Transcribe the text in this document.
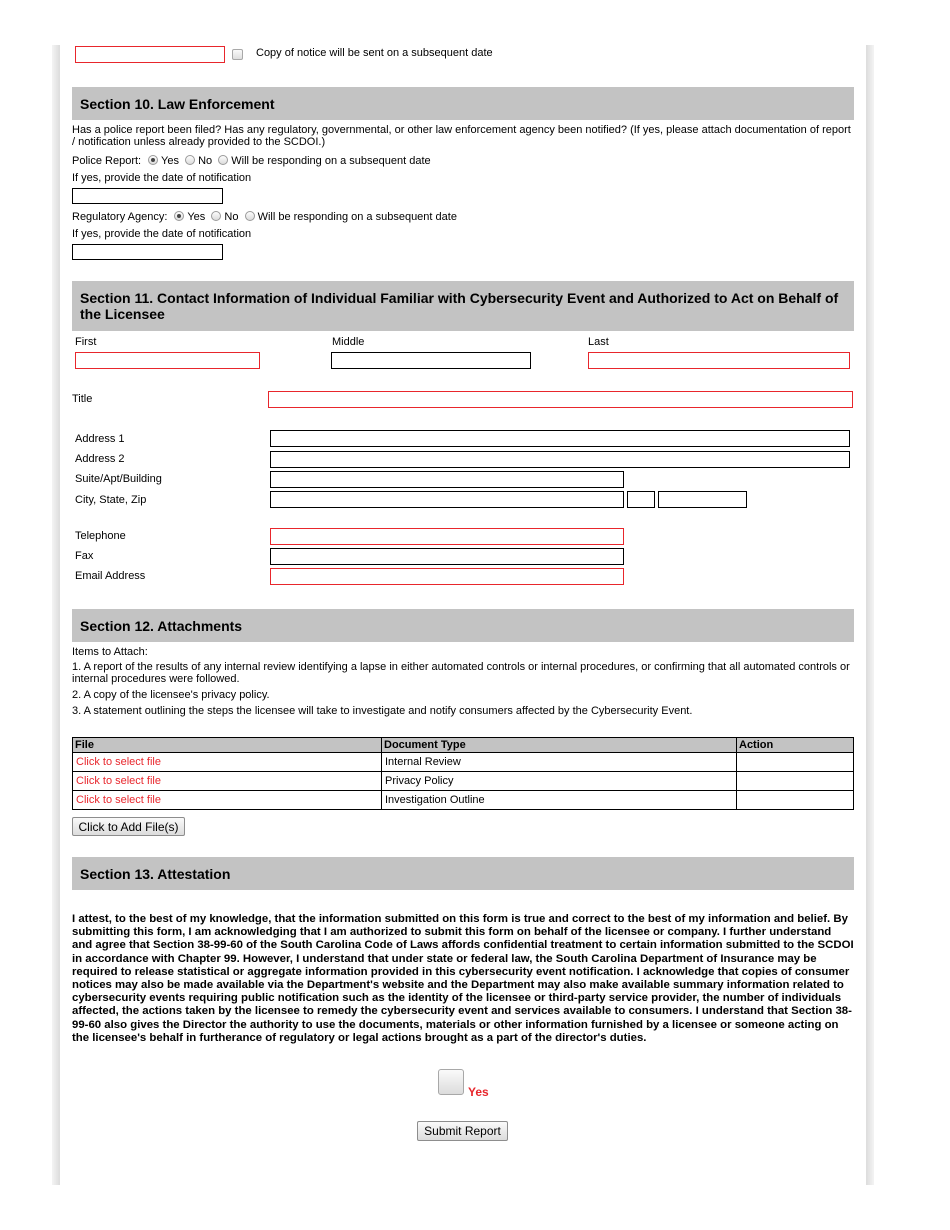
Copy of notice will be sent on a subsequent date
Section 10. Law Enforcement
Has a police report been filed? Has any regulatory, governmental, or other law enforcement agency been notified? (If yes, please attach documentation of report / notification unless already provided to the SCDOI.)
Police Report: Yes No Will be responding on a subsequent date
If yes, provide the date of notification
Regulatory Agency: Yes No Will be responding on a subsequent date
If yes, provide the date of notification
Section 11. Contact Information of Individual Familiar with Cybersecurity Event and Authorized to Act on Behalf of the Licensee
First	Middle	Last
Title
Address 1
Address 2
Suite/Apt/Building
City, State, Zip
Telephone
Fax
Email Address
Section 12. Attachments
Items to Attach:
1. A report of the results of any internal review identifying a lapse in either automated controls or internal procedures, or confirming that all automated controls or internal procedures were followed.
2. A copy of the licensee's privacy policy.
3. A statement outlining the steps the licensee will take to investigate and notify consumers affected by the Cybersecurity Event.
File	Document Type	Action
Click to select file	Internal Review	
Click to select file	Privacy Policy	
Click to select file	Investigation Outline	
Click to Add File(s)
Section 13. Attestation
I attest, to the best of my knowledge, that the information submitted on this form is true and correct to the best of my information and belief. By submitting this form, I am acknowledging that I am authorized to submit this form on behalf of the licensee or company. I further understand and agree that Section 38-99-60 of the South Carolina Code of Laws affords confidential treatment to certain information submitted to the SCDOI in accordance with Chapter 99. However, I understand that under state or federal law, the South Carolina Department of Insurance may be required to release statistical or aggregate information provided in this cybersecurity event notification. I acknowledge that copies of consumer notices may also be made available via the Department's website and the Department may also make available summary information related to cybersecurity events requiring public notification such as the identity of the licensee or third-party service provider, the number of individuals affected, the actions taken by the licensee to remedy the cybersecurity event and services available to consumers. I understand that Section 38-99-60 also gives the Director the authority to use the documents, materials or other information furnished by a licensee or someone acting on the licensee's behalf in furtherance of regulatory or legal actions brought as a part of the director's duties.
Yes
Submit Report
